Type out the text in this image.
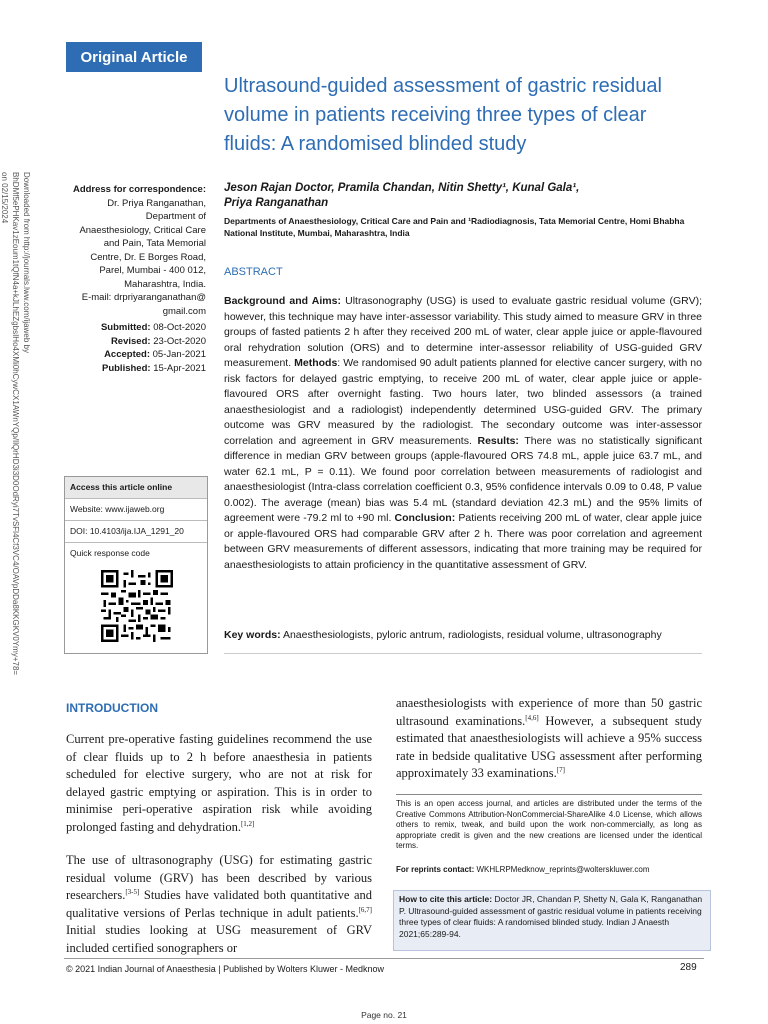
Original Article
Ultrasound-guided assessment of gastric residual volume in patients receiving three types of clear fluids: A randomised blinded study
Downloaded from http://journals.lww.com/ijaweb by BhDMf5ePHKav1zEoum1tQfN4a+kJLhEZgbsIHo4XMi0hCywCX1AWnYQp/IlQrHD3i3D0OdRyi7TvSFl4Cf3VC4/OAVpDDa8KKGKV0Ymy+78= on 02/15/2024	Address for correspondence:
Dr. Priya Ranganathan,
Department of
Anaesthesiology, Critical Care
and Pain, Tata Memorial
Centre, Dr. E Borges Road,
Parel, Mumbai - 400 012,
Maharashtra, India.
E-mail: drpriyaranganathan@
gmail.com
Submitted: 08-Oct-2020
Revised: 23-Oct-2020
Accepted: 05-Jan-2021
Published: 15-Apr-2021
Access this article online
Website: www.ijaweb.org
DOI: 10.4103/ija.IJA_1291_20
Quick response code
Jeson Rajan Doctor, Pramila Chandan, Nitin Shetty¹, Kunal Gala¹,
Priya Ranganathan
Departments of Anaesthesiology, Critical Care and Pain and ¹Radiodiagnosis, Tata Memorial Centre, Homi Bhabha National Institute, Mumbai, Maharashtra, India
ABSTRACT
Background and Aims: Ultrasonography (USG) is used to evaluate gastric residual volume (GRV); however, this technique may have inter-assessor variability. This study aimed to measure GRV in three groups of fasted patients 2 h after they received 200 mL of water, clear apple juice or apple-flavoured oral rehydration solution (ORS) and to determine inter-assessor reliability of USG-guided GRV measurement. Methods: We randomised 90 adult patients planned for elective cancer surgery, with no risk factors for delayed gastric emptying, to receive 200 mL of water, clear apple juice or apple-flavoured ORS after overnight fasting. Two hours later, two blinded assessors (a trained anaesthesiologist and a radiologist) independently determined USG-guided GRV. The primary outcome was GRV measured by the radiologist. The secondary outcome was inter-assessor correlation and agreement in GRV measurements. Results: There was no statistically significant difference in median GRV between groups (apple-flavoured ORS 74.8 mL, apple juice 63.7 mL, and water 62.1 mL, P = 0.11). We found poor correlation between measurements of radiologist and anaesthesiologist (Intra-class correlation coefficient 0.3, 95% confidence intervals 0.09 to 0.48, P value 0.002). The average (mean) bias was 5.4 mL (standard deviation 42.3 mL) and the 95% limits of agreement were -79.2 ml to +90 ml. Conclusion: Patients receiving 200 mL of water, clear apple juice or apple-flavoured ORS had comparable GRV after 2 h. There was poor correlation and agreement between GRV measurements of different assessors, indicating that more training may be required for anaesthesiologists to attain proficiency in the quantitative assessment of GRV.
Key words: Anaesthesiologists, pyloric antrum, radiologists, residual volume, ultrasonography
INTRODUCTION

Current pre-operative fasting guidelines recommend the use of clear fluids up to 2 h before anaesthesia in patients scheduled for elective surgery, who are not at risk for delayed gastric emptying or aspiration. This is in order to minimise peri-operative aspiration risk while avoiding prolonged fasting and dehydration.[1,2]

The use of ultrasonography (USG) for estimating gastric residual volume (GRV) has been described by various researchers.[3-5] Studies have validated both quantitative and qualitative versions of Perlas technique in adult patients.[6,7] Initial studies looking at USG measurement of GRV included certified sonographers or

anaesthesiologists with experience of more than 50 gastric ultrasound examinations.[4,6] However, a subsequent study estimated that anaesthesiologists will achieve a 95% success rate in bedside qualitative USG assessment after performing approximately 33 examinations.[7]

This is an open access journal, and articles are distributed under the terms of the Creative Commons Attribution-NonCommercial-ShareAlike 4.0 License, which allows others to remix, tweak, and build upon the work non-commercially, as long as appropriate credit is given and the new creations are licensed under the identical terms.
For reprints contact: WKHLRPMedknow_reprints@wolterskluwer.com
How to cite this article: Doctor JR, Chandan P, Shetty N, Gala K, Ranganathan P. Ultrasound-guided assessment of gastric residual volume in patients receiving three types of clear fluids: A randomised blinded study. Indian J Anaesth 2021;65:289-94.
© 2021 Indian Journal of Anaesthesia | Published by Wolters Kluwer - Medknow	289
Page no. 21
